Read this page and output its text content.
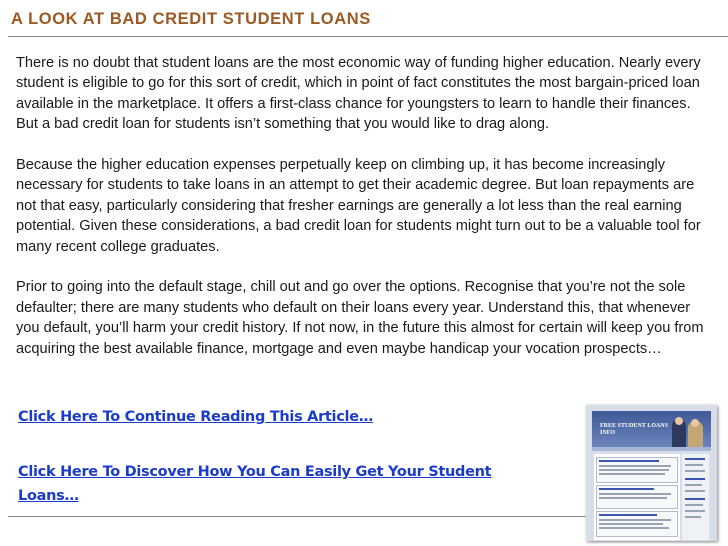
A LOOK AT BAD CREDIT STUDENT LOANS

There is no doubt that student loans are the most economic way of funding higher education. Nearly every student is eligible to go for this sort of credit, which in point of fact constitutes the most bargain-priced loan available in the marketplace. It offers a first-class chance for youngsters to learn to handle their finances. But a bad credit loan for students isn’t something that you would like to drag along.

Because the higher education expenses perpetually keep on climbing up, it has become increasingly necessary for students to take loans in an attempt to get their academic degree. But loan repayments are not that easy, particularly considering that fresher earnings are generally a lot less than the real earning potential. Given these considerations, a bad credit loan for students might turn out to be a valuable tool for many recent college graduates.

Prior to going into the default stage, chill out and go over the options. Recognise that you’re not the sole defaulter; there are many students who default on their loans every year. Understand this, that whenever you default, you’ll harm your credit history. If not now, in the future this almost for certain will keep you from acquiring the best available finance, mortgage and even maybe handicap your vocation prospects…

Click Here To Continue Reading This Article…
Click Here To Discover How You Can Easily Get Your Student Loans…
FREE STUDENT LOANS
INFO
